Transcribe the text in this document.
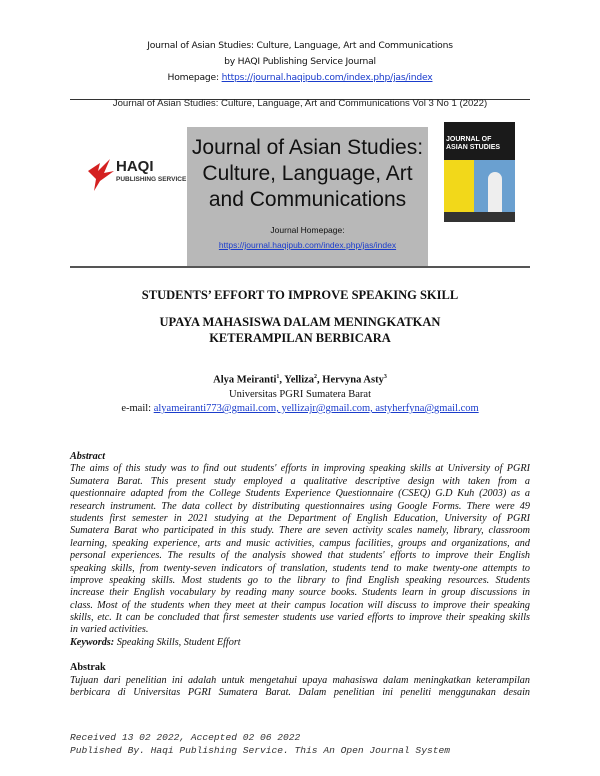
Journal of Asian Studies: Culture, Language, Art and Communications
by HAQI Publishing Service Journal
Homepage: https://journal.haqipub.com/index.php/jas/index
Journal of Asian Studies: Culture, Language, Art and Communications Vol 3 No 1 (2022)
HAQI
PUBLISHING SERVICE
Journal of Asian Studies:
Culture, Language, Art
and Communications
Journal Homepage:
https://journal.haqipub.com/index.php/jas/index
JOURNAL OF ASIAN STUDIES
STUDENTS’ EFFORT TO IMPROVE SPEAKING SKILL
UPAYA MAHASISWA DALAM MENINGKATKAN
KETERAMPILAN BERBICARA
Alya Meiranti$^1$, Yelliza$^2$, Hervyna Asty$^3$
Universitas PGRI Sumatera Barat
e-mail: alyameiranti773@gmail.com, yellizajr@gmail.com, astyherfyna@gmail.com
Abstract
The aims of this study was to find out students' efforts in improving speaking skills at University of PGRI
Sumatera Barat. This present study employed a qualitative descriptive design with taken from a
questionnaire adapted from the College Students Experience Questionnaire (CSEQ) G.D Kuh (2003) as a
research instrument. The data collect by distributing questionnaires using Google Forms. There were 49
students first semester in 2021 studying at the Department of English Education, University of PGRI
Sumatera Barat who participated in this study. There are seven activity scales namely, library, classroom
learning, speaking experience, arts and music activities, campus facilities, groups and organizations, and
personal experiences. The results of the analysis showed that students' efforts to improve their English
speaking skills, from twenty-seven indicators of translation, students tend to make twenty-one attempts to
improve speaking skills. Most students go to the library to find English speaking resources. Students
increase their English vocabulary by reading many source books. Students learn in group discussions in
class. Most of the students when they meet at their campus location will discuss to improve their speaking
skills, etc. It can be concluded that first semester students use varied efforts to improve their speaking skills
in varied activities.
Keywords: Speaking Skills, Student Effort
Abstrak
Tujuan dari penelitian ini adalah untuk mengetahui upaya mahasiswa dalam meningkatkan keterampilan
berbicara di Universitas PGRI Sumatera Barat. Dalam penelitian ini peneliti menggunakan desain
Received 13 02 2022, Accepted 02 06 2022
Published By. Haqi Publishing Service. This An Open Journal System
